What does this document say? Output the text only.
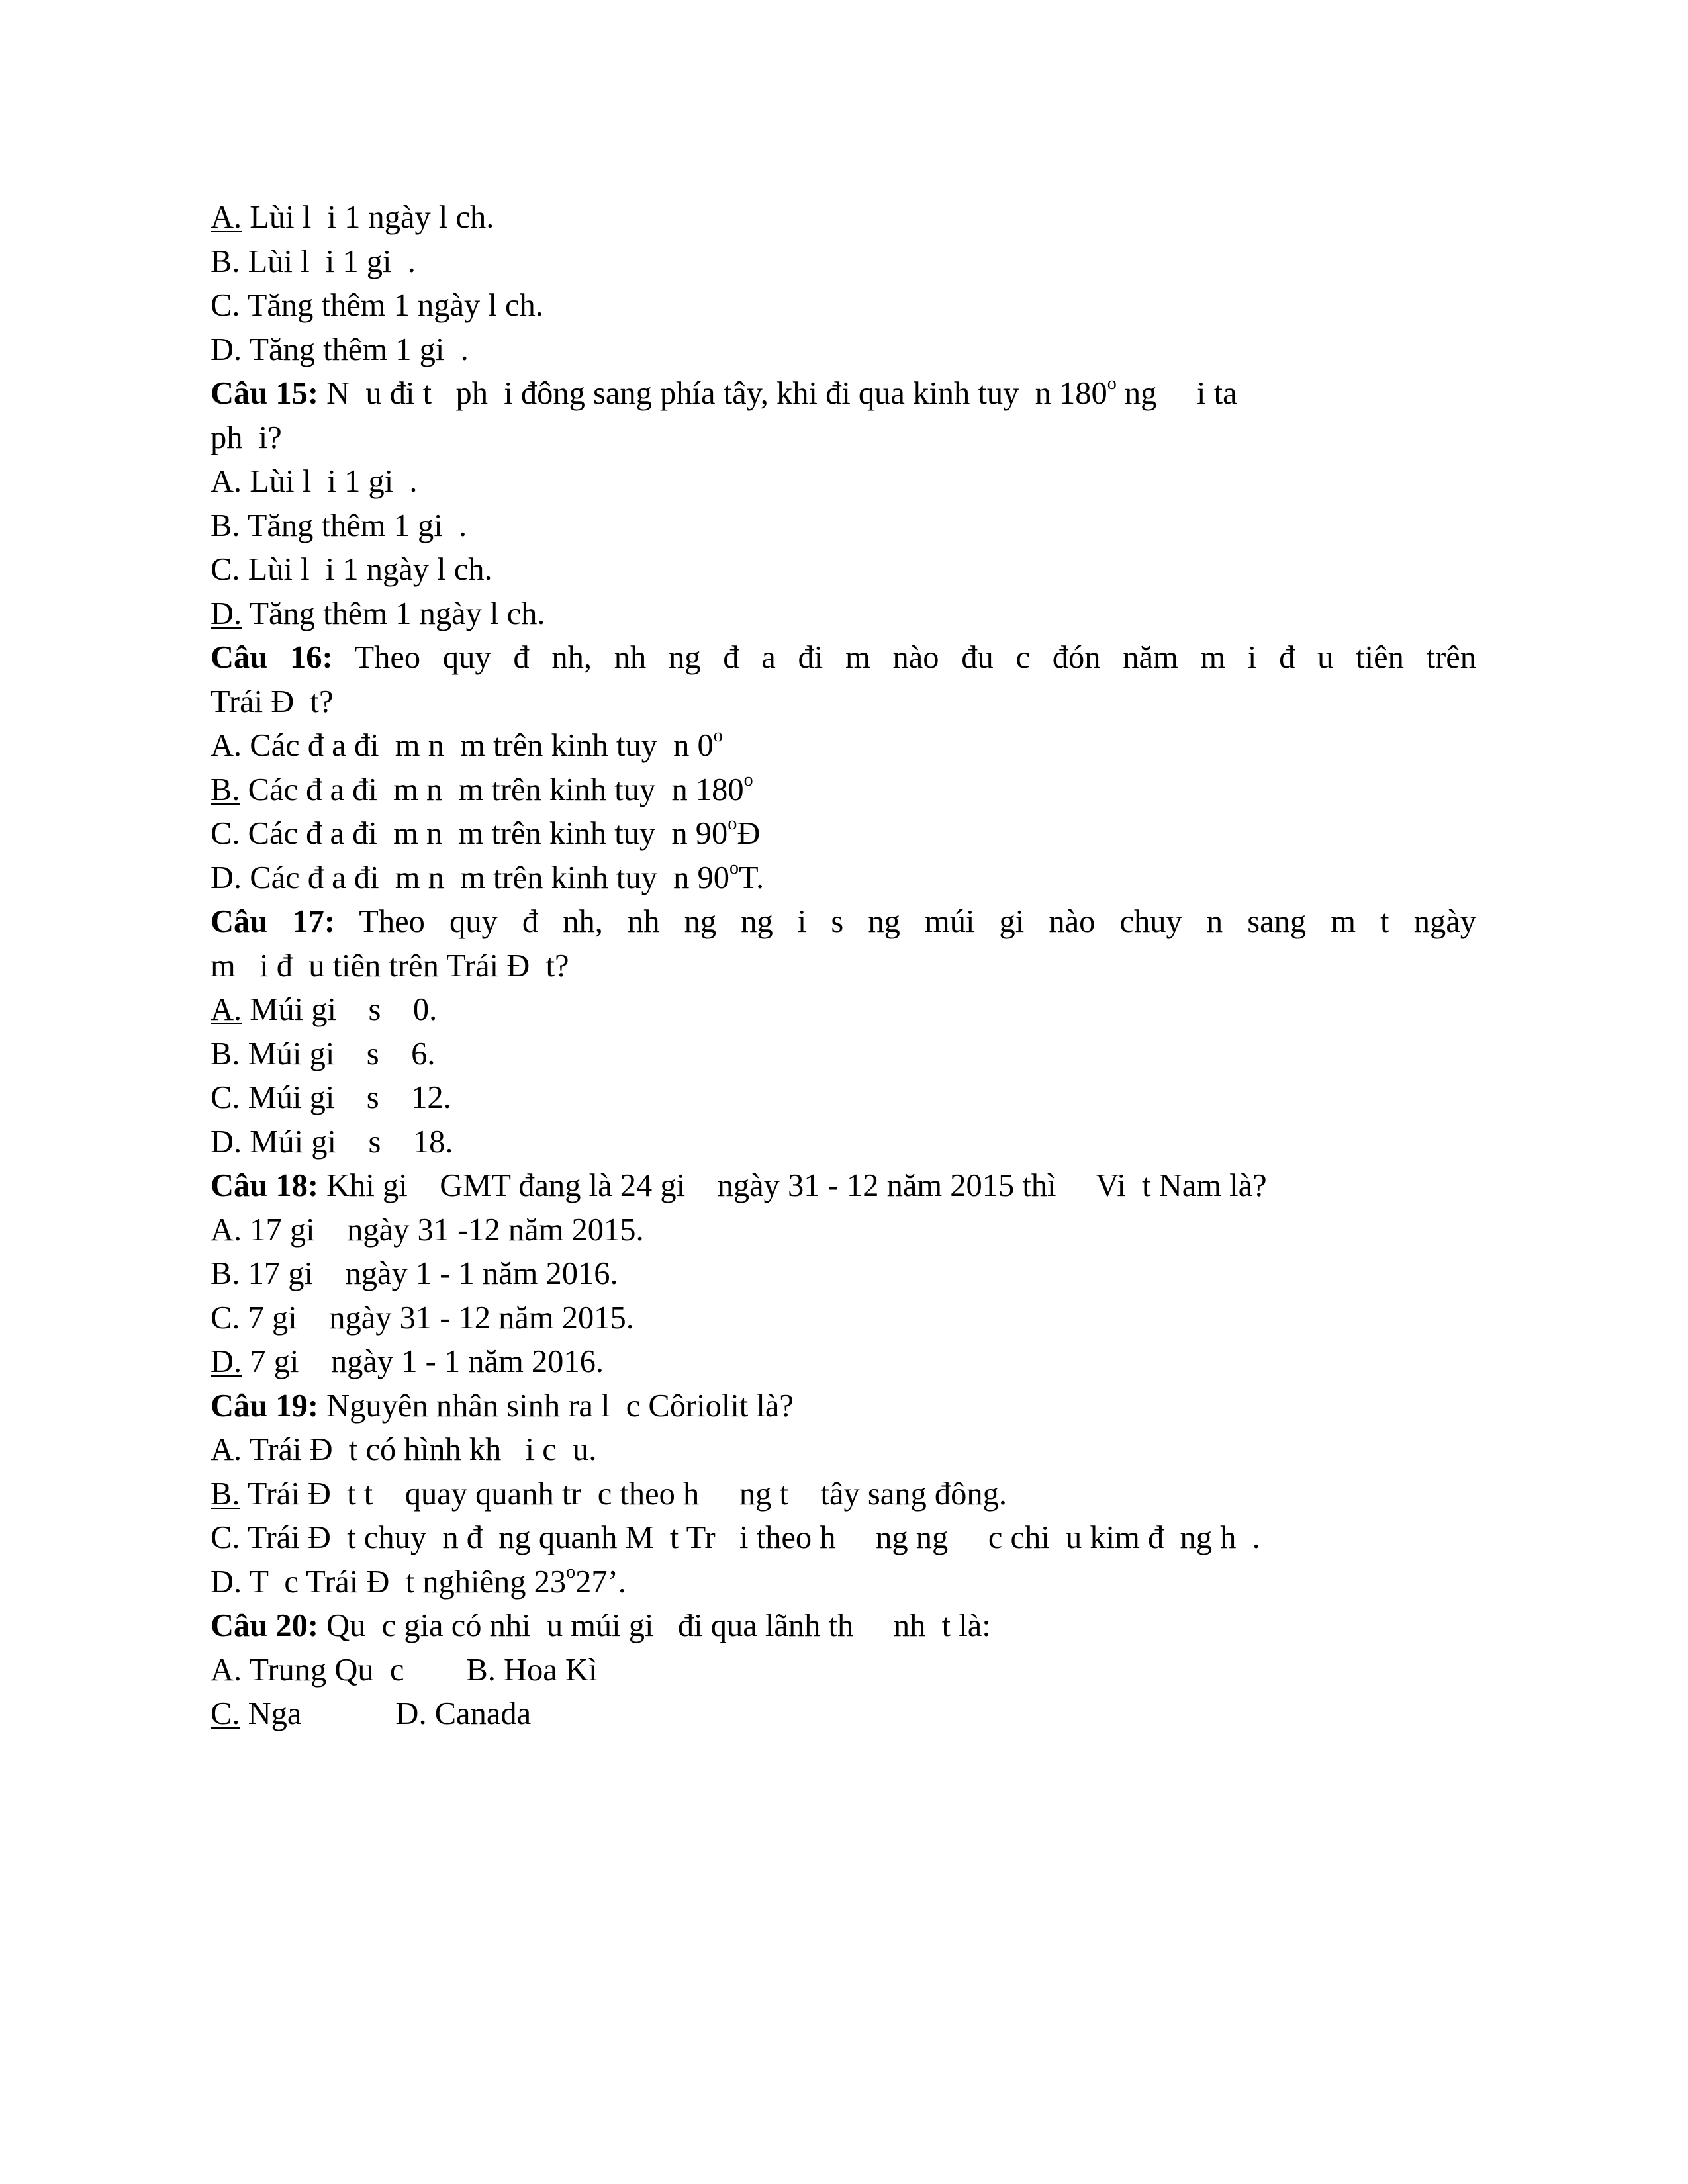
A. Lùi l  i 1 ngày l ch.
B. Lùi l  i 1 gi  .
C. Tăng thêm 1 ngày l ch.
D. Tăng thêm 1 gi  .
Câu 15: N  u đi t   ph  i đông sang phía tây, khi đi qua kinh tuy  n 180$^o$ ng     i ta
ph  i?
A. Lùi l  i 1 gi  .
B. Tăng thêm 1 gi  .
C. Lùi l  i 1 ngày l ch.
D. Tăng thêm 1 ngày l ch.
Câu 16: Theo quy đ nh, nh ng đ a đi m nào đu c đón năm m i đ u tiên trên
Trái Đ  t?
A. Các đ a đi  m n  m trên kinh tuy  n 0$^o$
B. Các đ a đi  m n  m trên kinh tuy  n 180$^o$
C. Các đ a đi  m n  m trên kinh tuy  n 90$^o$Đ
D. Các đ a đi  m n  m trên kinh tuy  n 90$^o$T.
Câu 17: Theo quy đ nh, nh ng ng i s ng múi gi nào chuy n sang m t ngày
m   i đ  u tiên trên Trái Đ  t?
A. Múi gi    s    0.
B. Múi gi    s    6.
C. Múi gi    s    12.
D. Múi gi    s    18.
Câu 18: Khi gi    GMT đang là 24 gi    ngày 31 - 12 năm 2015 thì     Vi  t Nam là?
A. 17 gi    ngày 31 -12 năm 2015.
B. 17 gi    ngày 1 - 1 năm 2016.
C. 7 gi    ngày 31 - 12 năm 2015.
D. 7 gi    ngày 1 - 1 năm 2016.
Câu 19: Nguyên nhân sinh ra l  c Côriolit là?
A. Trái Đ  t có hình kh   i c  u.
B. Trái Đ  t t    quay quanh tr  c theo h     ng t    tây sang đông.
C. Trái Đ  t chuy  n đ  ng quanh M  t Tr   i theo h     ng ng     c chi  u kim đ  ng h  .
D. T  c Trái Đ  t nghiêng 23$^o$27’.
Câu 20: Qu  c gia có nhi  u múi gi   đi qua lãnh th     nh  t là:
A. Trung Qu  c B. Hoa Kì
C. Nga	D. Canada
